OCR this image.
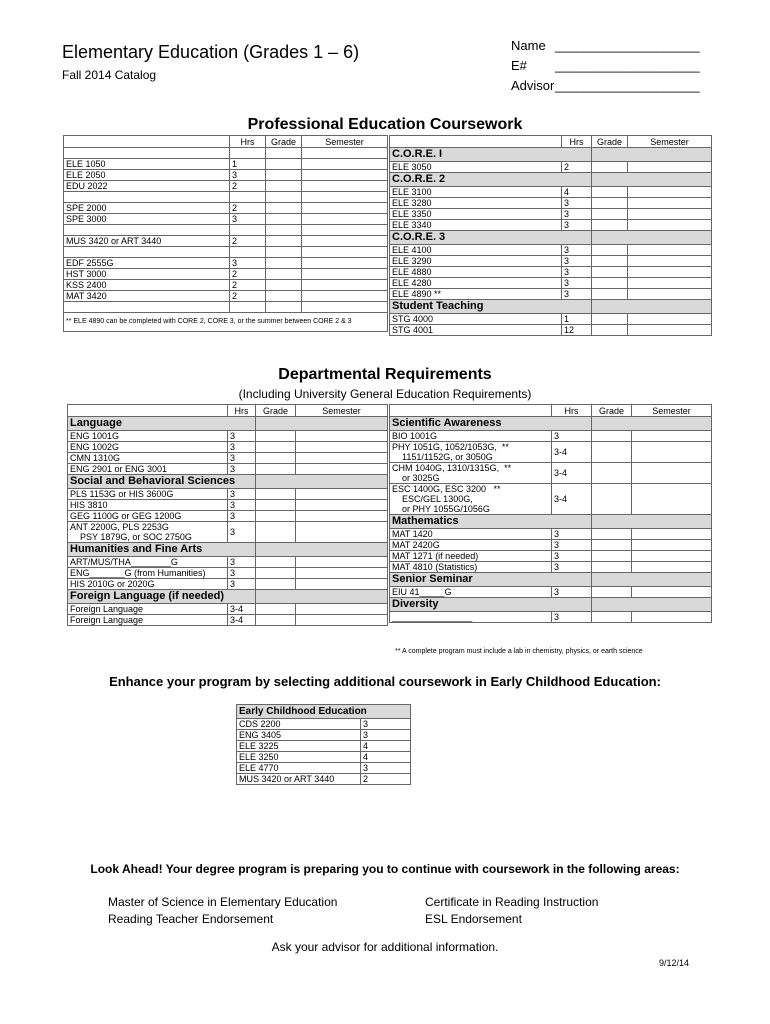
Elementary Education (Grades 1 – 6)
Fall 2014 Catalog
Name ____________________
E#	____________________
Advisor ____________________
Professional Education Coursework
	Hrs	Grade	Semester

ELE 1050	1		

ELE 2050	3		

EDU 2022	2		

SPE 2000	2		

SPE 3000	3		

MUS 3420 or ART 3440	2		

EDF 2555G	3		

HST 3000	2		

KSS 2400	2		

MAT 3420	2		

** ELE 4890 can be completed with CORE 2, CORE 3, or the summer between CORE 2 & 3			
	Hrs	Grade	Semester
C.O.R.E. I			

ELE 3050	2		
C.O.R.E. 2			

ELE 3100	4		

ELE 3280	3		

ELE 3350	3		

ELE 3340	3		
C.O.R.E. 3			

ELE 4100	3		

ELE 3290	3		

ELE 4880	3		

ELE 4280	3		

ELE 4890 **	3		
Student Teaching			

STG 4000	1		

STG 4001	12		
Departmental Requirements
(Including University General Education Requirements)
	Hrs	Grade	Semester
Language			

ENG 1001G	3		

ENG 1002G	3		

CMN 1310G	3		

ENG 2901 or ENG 3001	3		
Social and Behavioral Sciences			

PLS 1153G or HIS 3600G	3		

HIS 3810	3		

GEG 1100G or GEG 1200G	3		

ANT 2200G, PLS 2253G
PSY 1879G, or SOC 2750G	3		
Humanities and Fine Arts			

ART/MUS/THA________G	3		

ENG_______G (from Humanities)	3		

HIS 2010G or 2020G	3		
Foreign Language (if needed)			

Foreign Language	3-4		

Foreign Language	3-4		
	Hrs	Grade	Semester
Scientific Awareness			

BIO 1001G	3		

PHY 1051G, 1052/1053G,  **
1151/1152G, or 3050G	3-4		

CHM 1040G, 1310/1315G,  **
or 3025G	3-4		

ESC 1400G, ESC 3200   **
ESC/GEL 1300G,
or PHY 1055G/1056G	3-4		
Mathematics			

MAT 1420	3		

MAT 2420G	3		

MAT 1271 (if needed)	3		

MAT 4810 (Statistics)	3		
Senior Seminar			

EIU 41_____G	3		
Diversity			

________________	3		
** A complete program must include a lab in chemistry, physics, or earth science
Enhance your program by selecting additional coursework in Early Childhood Education:
Early Childhood Education	
CDS 2200	3
ENG 3405	3
ELE 3225	4
ELE 3250	4
ELE 4770	3
MUS 3420 or ART 3440	2
Look Ahead! Your degree program is preparing you to continue with coursework in the following areas:
Master of Science in Elementary Education
Reading Teacher Endorsement
Certificate in Reading Instruction
ESL Endorsement
Ask your advisor for additional information.
9/12/14
